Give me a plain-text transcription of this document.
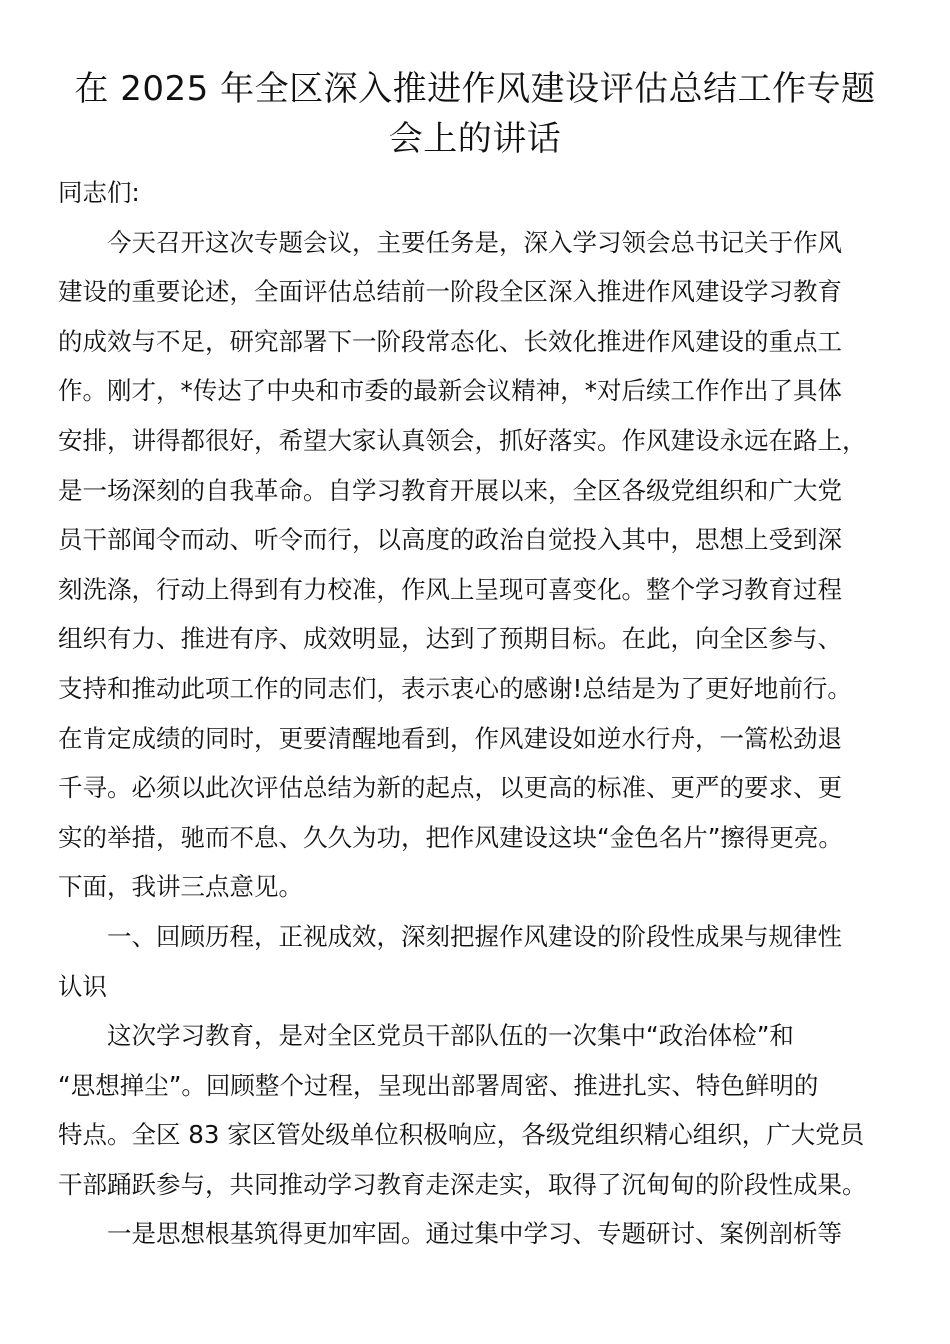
在 2025 年全区深入推进作风建设评估总结工作专题
会上的讲话
同志们:
今天召开这次专题会议，主要任务是，深入学习领会总书记关于作风
建设的重要论述，全面评估总结前一阶段全区深入推进作风建设学习教育
的成效与不足，研究部署下一阶段常态化、长效化推进作风建设的重点工
作。刚才，*传达了中央和市委的最新会议精神，*对后续工作作出了具体
安排，讲得都很好，希望大家认真领会，抓好落实。作风建设永远在路上，
是一场深刻的自我革命。自学习教育开展以来，全区各级党组织和广大党
员干部闻令而动、听令而行，以高度的政治自觉投入其中，思想上受到深
刻洗涤，行动上得到有力校准，作风上呈现可喜变化。整个学习教育过程
组织有力、推进有序、成效明显，达到了预期目标。在此，向全区参与、
支持和推动此项工作的同志们，表示衷心的感谢!总结是为了更好地前行。
在肯定成绩的同时，更要清醒地看到，作风建设如逆水行舟，一篙松劲退
千寻。必须以此次评估总结为新的起点，以更高的标准、更严的要求、更
实的举措，驰而不息、久久为功，把作风建设这块“金色名片”擦得更亮。
下面，我讲三点意见。
一、回顾历程，正视成效，深刻把握作风建设的阶段性成果与规律性
认识
这次学习教育，是对全区党员干部队伍的一次集中“政治体检”和
“思想掸尘”。回顾整个过程，呈现出部署周密、推进扎实、特色鲜明的
特点。全区 83 家区管处级单位积极响应，各级党组织精心组织，广大党员
干部踊跃参与，共同推动学习教育走深走实，取得了沉甸甸的阶段性成果。
一是思想根基筑得更加牢固。通过集中学习、专题研讨、案例剖析等
